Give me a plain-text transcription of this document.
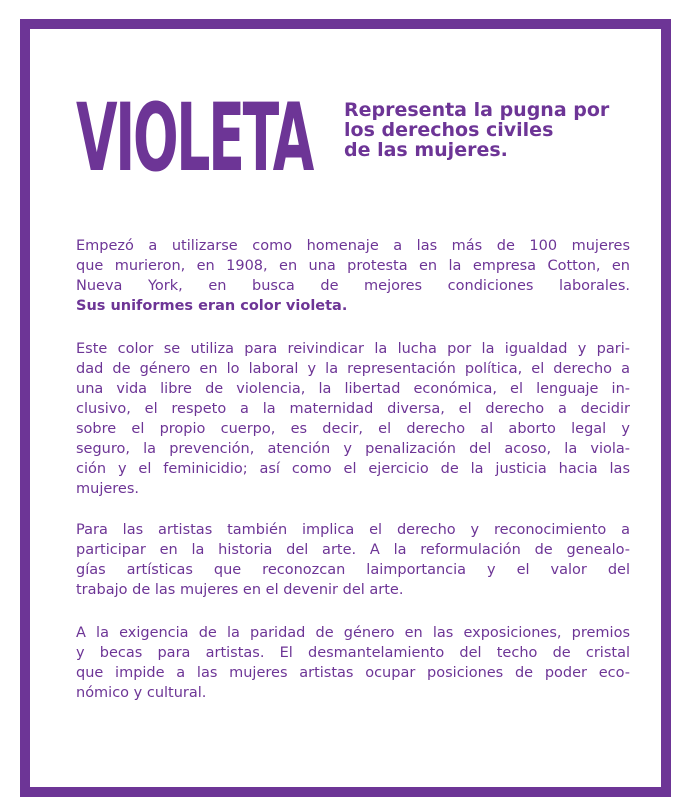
VIOLETA Representa la pugna por
los derechos civiles
de las mujeres.

Empezó a utilizarse como homenaje a las más de 100 mujeres
que murieron, en 1908, en una protesta en la empresa Cotton, en
Nueva York, en busca de mejores condiciones laborales.
Sus uniformes eran color violeta.

Este color se utiliza para reivindicar la lucha por la igualdad y pari-
dad de género en lo laboral y la representación política, el derecho a
una vida libre de violencia, la libertad económica, el lenguaje in-
clusivo, el respeto a la maternidad diversa, el derecho a decidir
sobre el propio cuerpo, es decir, el derecho al aborto legal y
seguro, la prevención, atención y penalización del acoso, la viola-
ción y el feminicidio; así como el ejercicio de la justicia hacia las
mujeres.

Para las artistas también implica el derecho y reconocimiento a
participar en la historia del arte. A la reformulación de genealo-
gías artísticas que reconozcan laimportancia y el valor del
trabajo de las mujeres en el devenir del arte.

A la exigencia de la paridad de género en las exposiciones, premios
y becas para artistas. El desmantelamiento del techo de cristal
que impide a las mujeres artistas ocupar posiciones de poder eco-
nómico y cultural.
